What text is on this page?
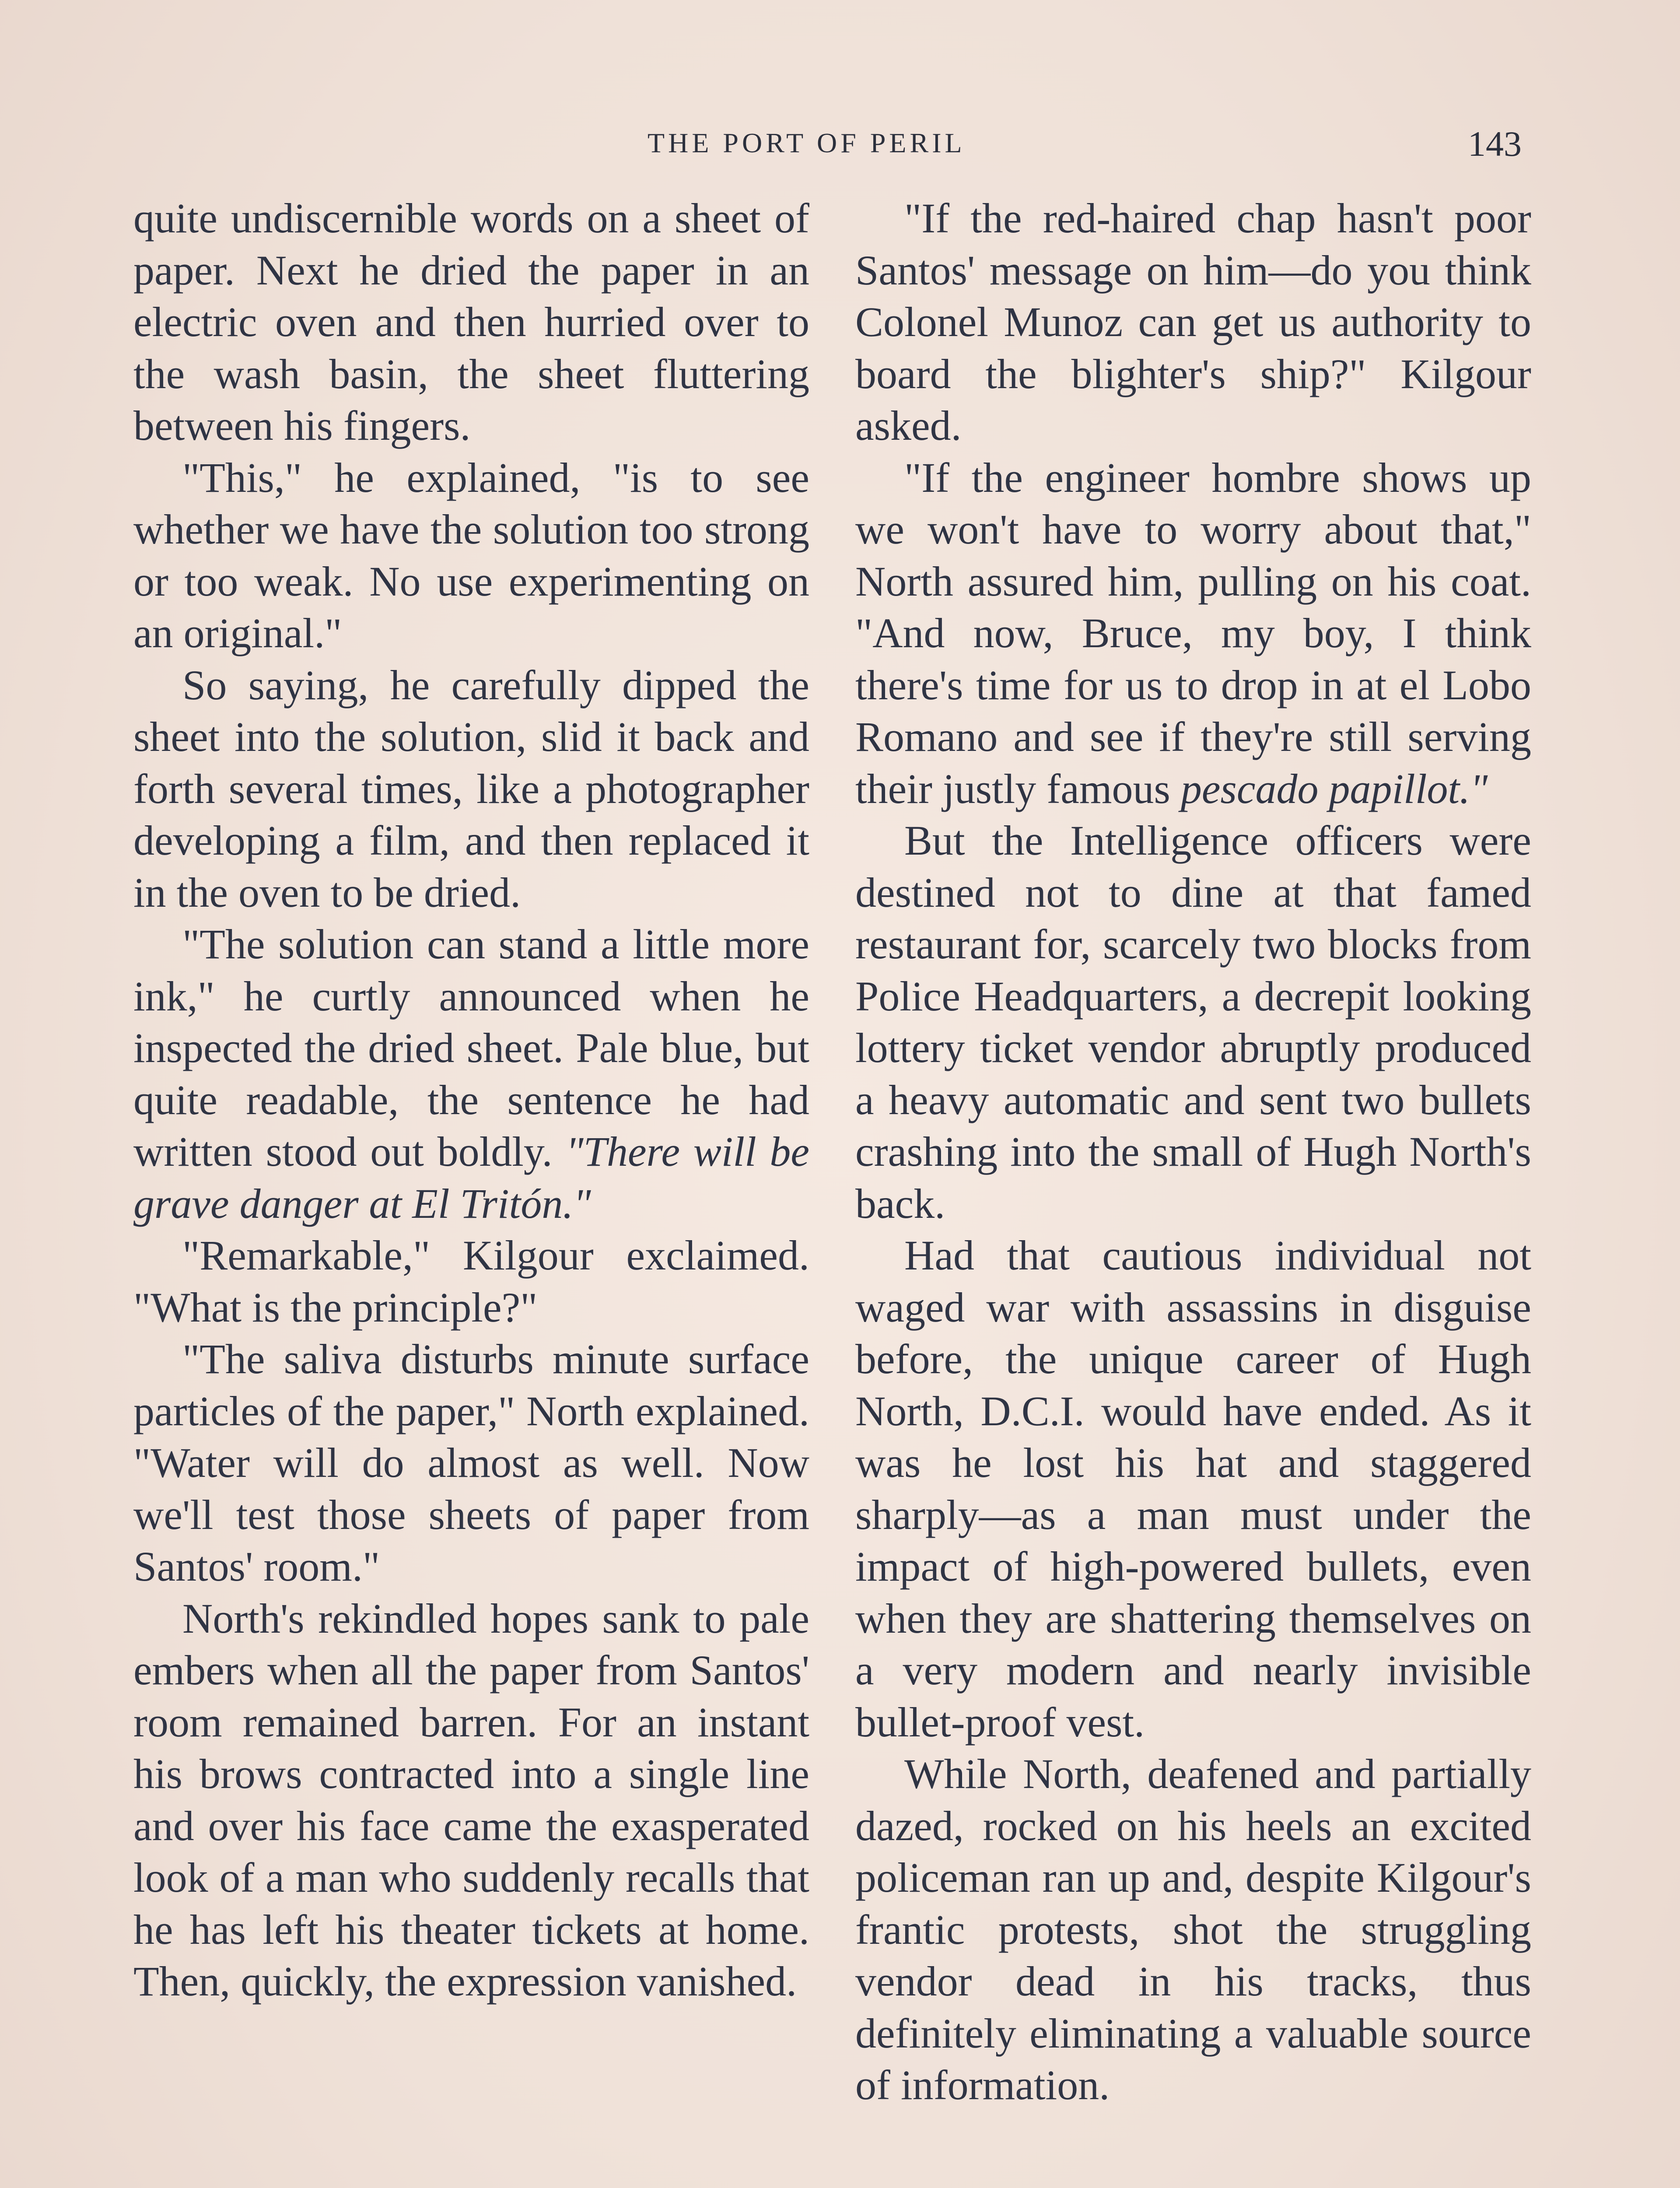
THE PORT OF PERIL	143

quite undiscernible words on a sheet of paper. Next he dried the paper in an electric oven and then hurried over to the wash basin, the sheet fluttering between his fingers.

"This," he explained, "is to see whether we have the solution too strong or too weak. No use experimenting on an original."

So saying, he carefully dipped the sheet into the solution, slid it back and forth several times, like a photographer developing a film, and then replaced it in the oven to be dried.

"The solution can stand a little more ink," he curtly announced when he inspected the dried sheet. Pale blue, but quite readable, the sentence he had written stood out boldly. "There will be grave danger at El Tritón."

"Remarkable," Kilgour exclaimed. "What is the principle?"

"The saliva disturbs minute surface particles of the paper," North explained. "Water will do almost as well. Now we'll test those sheets of paper from Santos' room."

North's rekindled hopes sank to pale embers when all the paper from Santos' room remained barren. For an instant his brows contracted into a single line and over his face came the exasperated look of a man who suddenly recalls that he has left his theater tickets at home. Then, quickly, the expression vanished.

"If the red-haired chap hasn't poor Santos' message on him—do you think Colonel Munoz can get us authority to board the blighter's ship?" Kilgour asked.

"If the engineer hombre shows up we won't have to worry about that," North assured him, pulling on his coat. "And now, Bruce, my boy, I think there's time for us to drop in at el Lobo Romano and see if they're still serving their justly famous pescado papillot."

But the Intelligence officers were destined not to dine at that famed restaurant for, scarcely two blocks from Police Headquarters, a decrepit looking lottery ticket vendor abruptly produced a heavy automatic and sent two bullets crashing into the small of Hugh North's back.

Had that cautious individual not waged war with assassins in disguise before, the unique career of Hugh North, D.C.I. would have ended. As it was he lost his hat and staggered sharply—as a man must under the impact of high-powered bullets, even when they are shattering themselves on a very modern and nearly invisible bullet-proof vest.

While North, deafened and partially dazed, rocked on his heels an excited policeman ran up and, despite Kilgour's frantic protests, shot the struggling vendor dead in his tracks, thus definitely eliminating a valuable source of information.
